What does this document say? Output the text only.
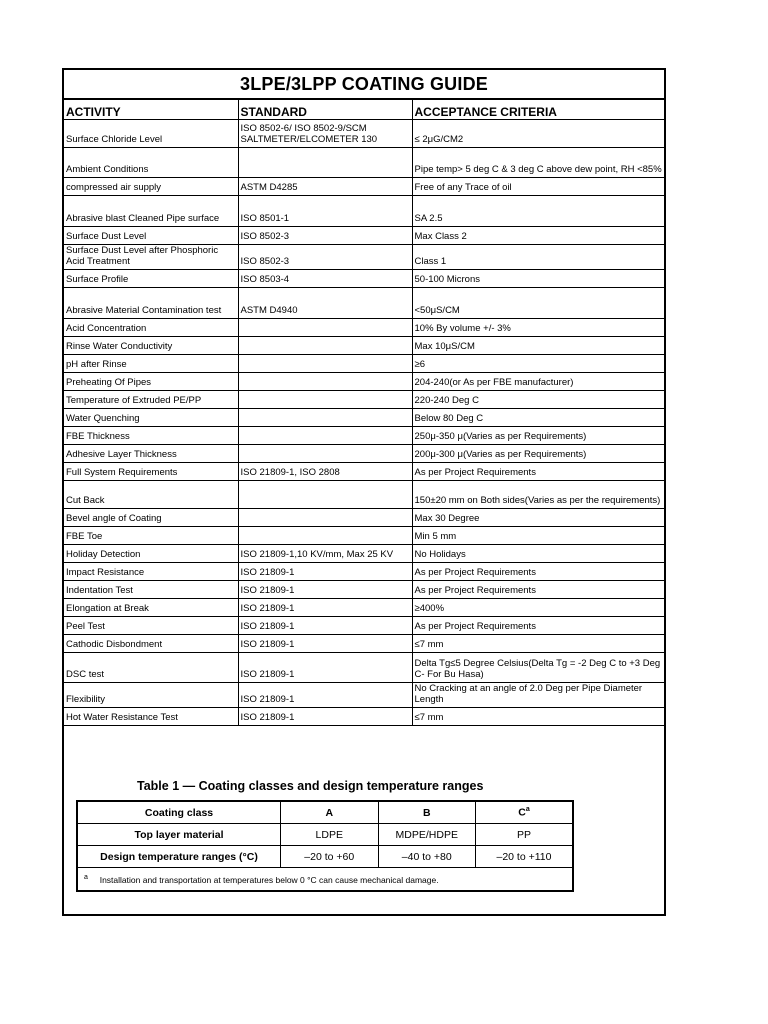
3LPE/3LPP COATING GUIDE
ACTIVITY	STANDARD	ACCEPTANCE CRITERIA
Surface Chloride Level	ISO 8502-6/ ISO 8502-9/SCM SALTMETER/ELCOMETER 130	≤ 2μG/CM2
Ambient Conditions		Pipe temp> 5 deg C & 3 deg C above dew point, RH <85%
compressed air supply	ASTM D4285	Free of any Trace of oil
Abrasive blast Cleaned Pipe surface	ISO 8501-1	SA 2.5
Surface Dust Level	ISO 8502-3	Max Class 2
Surface Dust Level after Phosphoric Acid Treatment	ISO 8502-3	Class 1
Surface Profile	ISO 8503-4	50-100 Microns
Abrasive Material Contamination test	ASTM D4940	<50μS/CM
Acid Concentration		10% By volume +/- 3%
Rinse Water Conductivity		Max 10μS/CM
pH after Rinse		≥6
Preheating Of Pipes		204-240(or As per FBE manufacturer)
Temperature of Extruded PE/PP		220-240 Deg C
Water Quenching		Below 80 Deg C
FBE Thickness		250μ-350 μ(Varies as per Requirements)
Adhesive Layer Thickness		200μ-300 μ(Varies as per Requirements)
Full System Requirements	ISO 21809-1, ISO 2808	As per Project Requirements
Cut Back		150±20 mm on Both sides(Varies as per the requirements)
Bevel angle of Coating		Max 30 Degree
FBE Toe		Min 5 mm
Holiday Detection	ISO 21809-1,10 KV/mm, Max 25 KV	No Holidays
Impact Resistance	ISO 21809-1	As per Project Requirements
Indentation Test	ISO 21809-1	As per Project Requirements
Elongation at Break	ISO 21809-1	≥400%
Peel Test	ISO 21809-1	As per Project Requirements
Cathodic Disbondment	ISO 21809-1	≤7 mm
DSC test	ISO 21809-1	Delta Tg≤5 Degree Celsius(Delta Tg = -2 Deg C to +3 Deg C- For Bu Hasa)
Flexibility	ISO 21809-1	No Cracking at an angle of 2.0 Deg per Pipe Diameter Length
Hot Water Resistance Test	ISO 21809-1	≤7 mm
Table 1 — Coating classes and design temperature ranges
Coating class	A	B	$C^a$
Top layer material	LDPE	MDPE/HDPE	PP
Design temperature ranges (°C)	–20 to +60	–40 to +80	–20 to +110
$^a$ Installation and transportation at temperatures below 0 °C can cause mechanical damage.			
